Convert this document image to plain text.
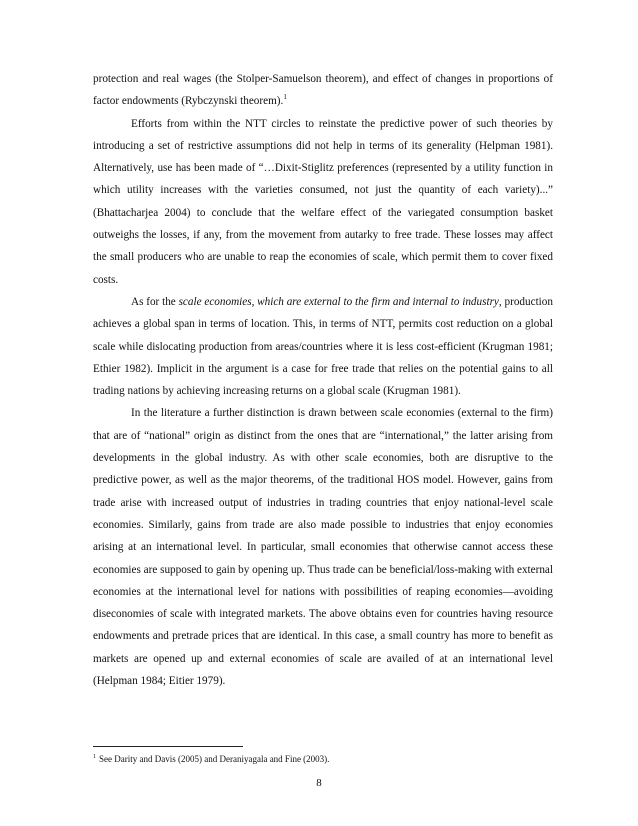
protection and real wages (the Stolper-Samuelson theorem), and effect of changes in proportions of factor endowments (Rybczynski theorem).$^1$

Efforts from within the NTT circles to reinstate the predictive power of such theories by introducing a set of restrictive assumptions did not help in terms of its generality (Helpman 1981). Alternatively, use has been made of “…Dixit-Stiglitz preferences (represented by a utility function in which utility increases with the varieties consumed, not just the quantity of each variety)...” (Bhattacharjea 2004) to conclude that the welfare effect of the variegated consumption basket outweighs the losses, if any, from the movement from autarky to free trade. These losses may affect the small producers who are unable to reap the economies of scale, which permit them to cover fixed costs.

As for the scale economies, which are external to the firm and internal to industry, production achieves a global span in terms of location. This, in terms of NTT, permits cost reduction on a global scale while dislocating production from areas/countries where it is less cost-efficient (Krugman 1981; Ethier 1982). Implicit in the argument is a case for free trade that relies on the potential gains to all trading nations by achieving increasing returns on a global scale (Krugman 1981).

In the literature a further distinction is drawn between scale economies (external to the firm) that are of “national” origin as distinct from the ones that are “international,” the latter arising from developments in the global industry. As with other scale economies, both are disruptive to the predictive power, as well as the major theorems, of the traditional HOS model. However, gains from trade arise with increased output of industries in trading countries that enjoy national-level scale economies. Similarly, gains from trade are also made possible to industries that enjoy economies arising at an international level. In particular, small economies that otherwise cannot access these economies are supposed to gain by opening up. Thus trade can be beneficial/loss-making with external economies at the international level for nations with possibilities of reaping economies—avoiding diseconomies of scale with integrated markets. The above obtains even for countries having resource endowments and pretrade prices that are identical. In this case, a small country has more to benefit as markets are opened up and external economies of scale are availed of at an international level (Helpman 1984; Eitier 1979).

$^1$ See Darity and Davis (2005) and Deraniyagala and Fine (2003).
8
